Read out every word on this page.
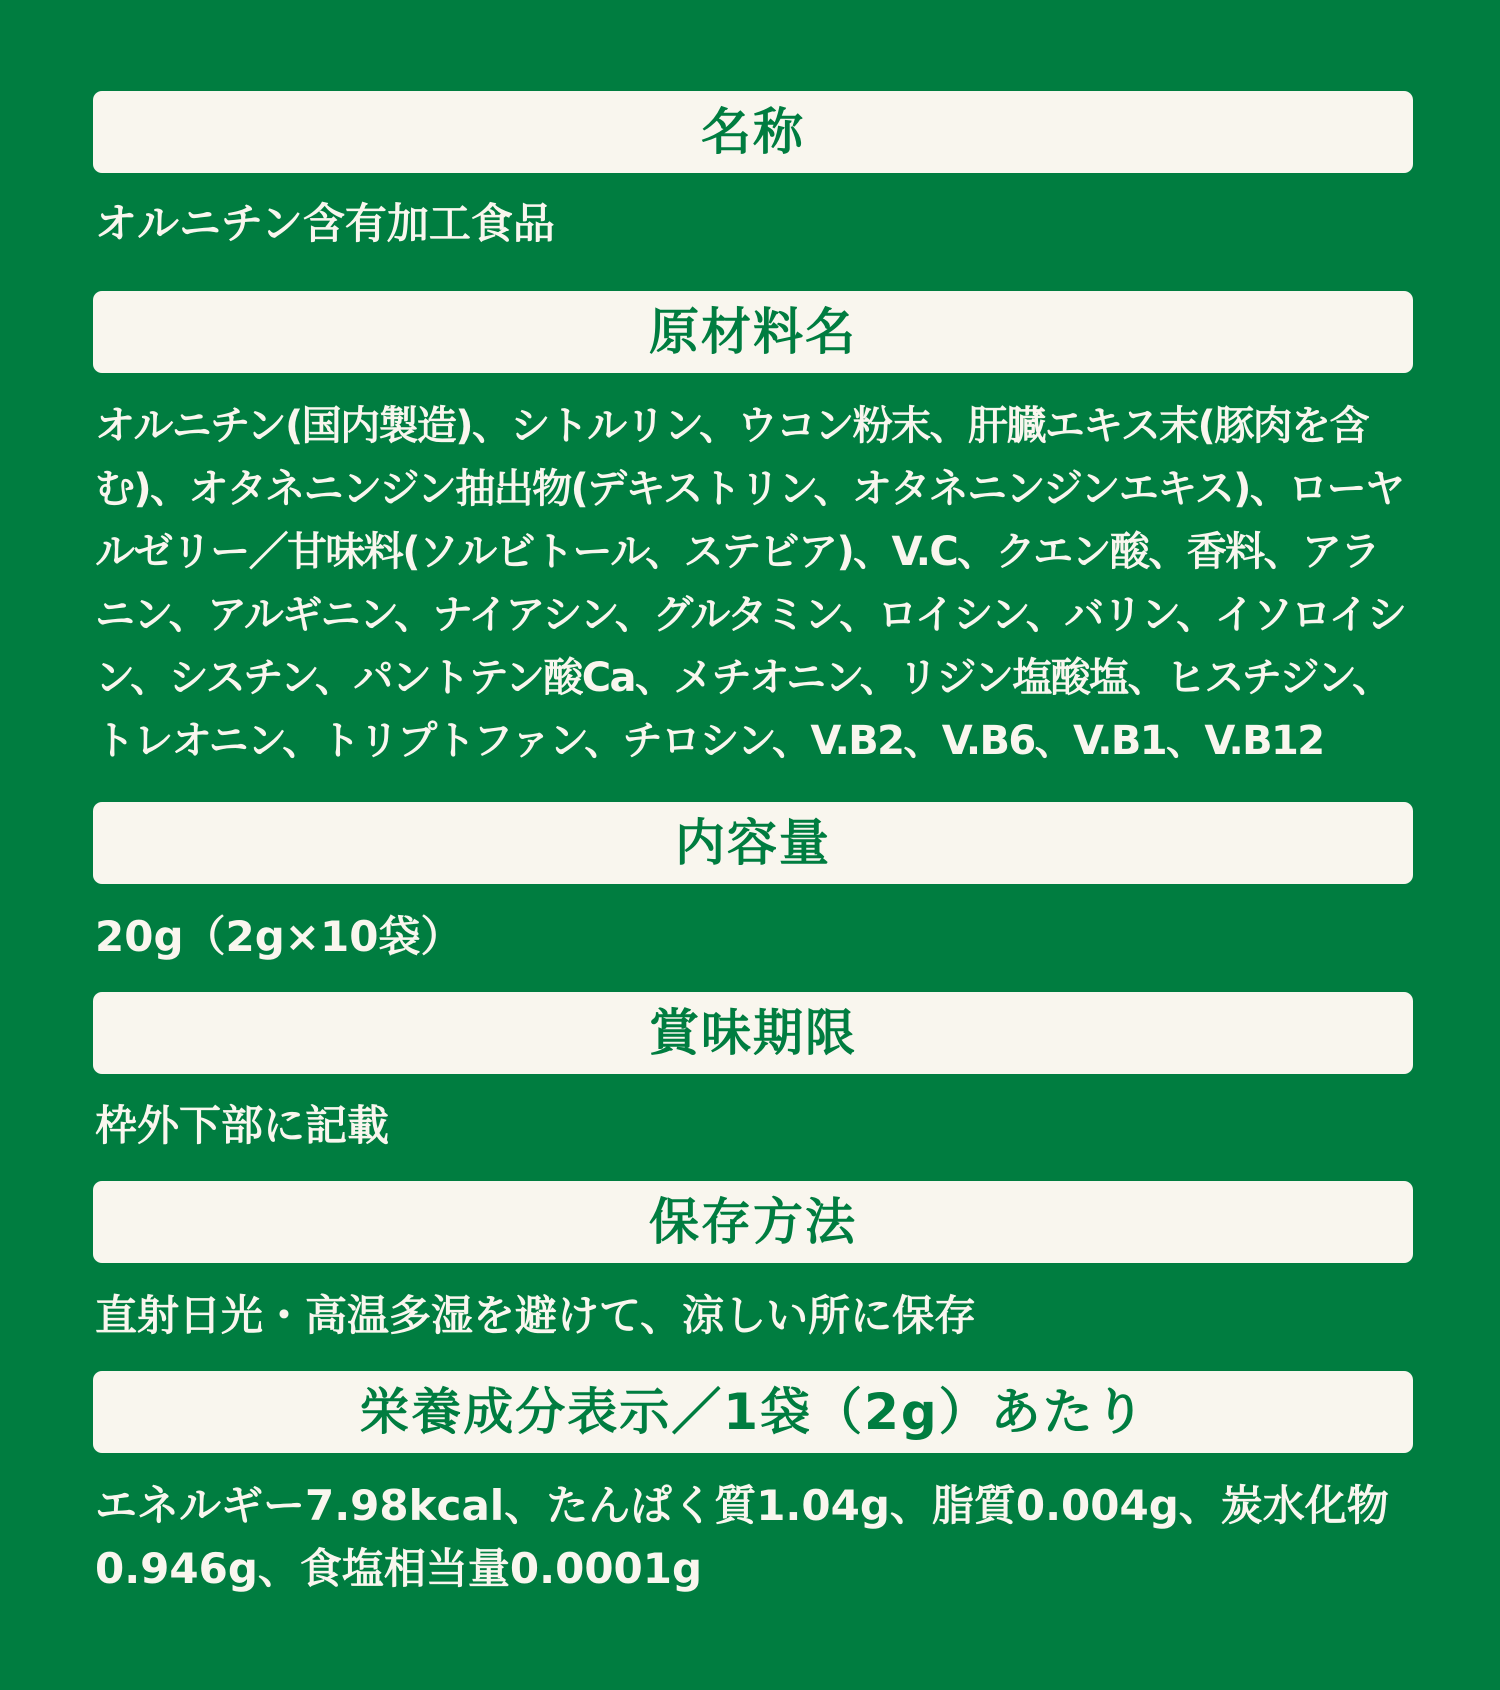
名称

オルニチン含有加工食品

原材料名

オルニチン(国内製造)、シトルリン、ウコン粉末、肝臓エキス末(豚肉を含む)、オタネニンジン抽出物(デキストリン、オタネニンジンエキス)、ローヤルゼリー／甘味料(ソルビトール、ステビア)、V.C、クエン酸、香料、アラニン、アルギニン、ナイアシン、グルタミン、ロイシン、バリン、イソロイシン、シスチン、パントテン酸Ca、メチオニン、リジン塩酸塩、ヒスチジン、トレオニン、トリプトファン、チロシン、V.B2、V.B6、V.B1、V.B12

内容量

20g（2g×10袋）

賞味期限

枠外下部に記載

保存方法

直射日光・高温多湿を避けて、涼しい所に保存

栄養成分表示／1袋（2g）あたり

エネルギー7.98kcal、たんぱく質1.04g、脂質0.004g、炭水化物0.946g、食塩相当量0.0001g
